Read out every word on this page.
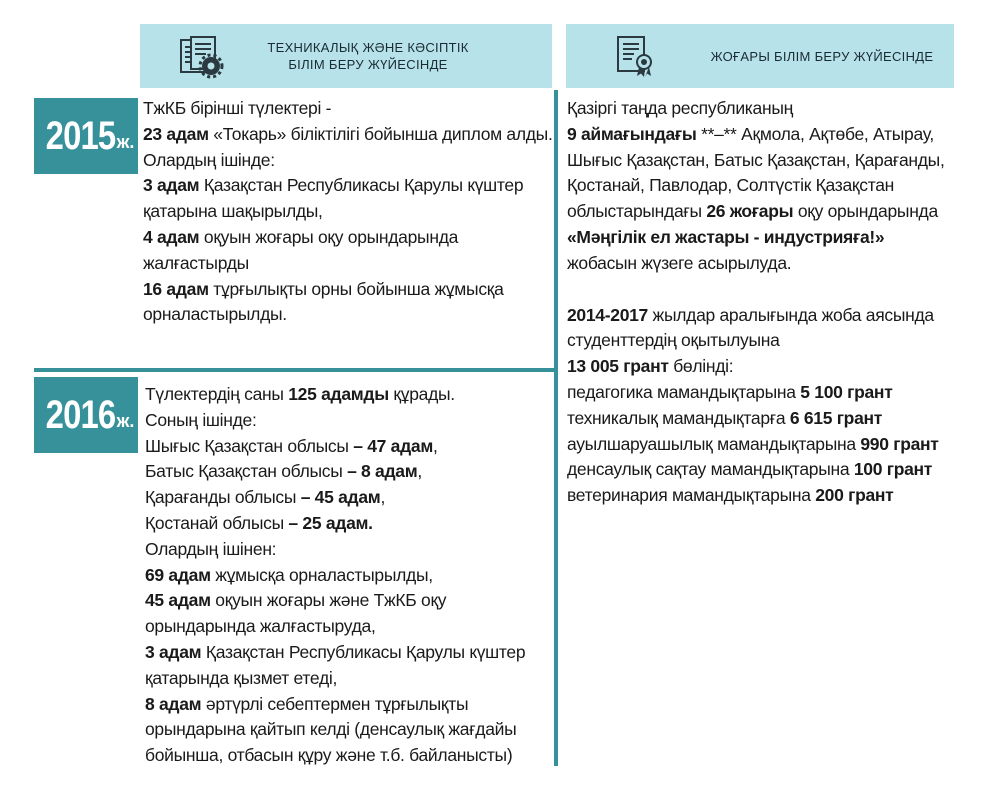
ТЕХНИКАЛЫҚ ЖӘНЕ КӘСІПТІК
БІЛІМ БЕРУ ЖҮЙЕСІНДЕ
ЖОҒАРЫ БІЛІМ БЕРУ ЖҮЙЕСІНДЕ
2015 ж.
2016 ж.
ТжКБ бірінші түлектері -
23 адам «Токарь» біліктілігі бойынша диплом алды.
Олардың ішінде:
3 адам Қазақстан Республикасы Қарулы күштер
қатарына шақырылды,
4 адам оқуын жоғары оқу орындарында
жалғастырды
16 адам тұрғылықты орны бойынша жұмысқа
орналастырылды.
Түлектердің саны 125 адамды құрады.
Соның ішінде:
Шығыс Қазақстан облысы – 47 адам,
Батыс Қазақстан облысы – 8 адам,
Қарағанды облысы – 45 адам,
Қостанай облысы – 25 адам.
Олардың ішінен:
69 адам жұмысқа орналастырылды,
45 адам оқуын жоғары және ТжКБ оқу
орындарында жалғастыруда,
3 адам Қазақстан Республикасы Қарулы күштер
қатарында қызмет етеді,
8 адам әртүрлі себептермен тұрғылықты
орындарына қайтып келді (денсаулық жағдайы
бойынша, отбасын құру және т.б. байланысты)
Қазіргі таңда республиканың
9 аймағындағы **–** Ақмола, Ақтөбе, Атырау,
Шығыс Қазақстан, Батыс Қазақстан, Қарағанды,
Қостанай, Павлодар, Солтүстік Қазақстан
облыстарындағы 26 жоғары оқу орындарында
«Мәңгілік ел жастары - индустрияға!»
жобасын жүзеге асырылуда.
2014-2017 жылдар аралығында жоба аясында
студенттердің оқытылуына
13 005 грант бөлінді:
педагогика мамандықтарына 5 100 грант
техникалық мамандықтарға 6 615 грант
ауылшаруашылық мамандықтарына 990 грант
денсаулық сақтау мамандықтарына 100 грант
ветеринария мамандықтарына 200 грант
